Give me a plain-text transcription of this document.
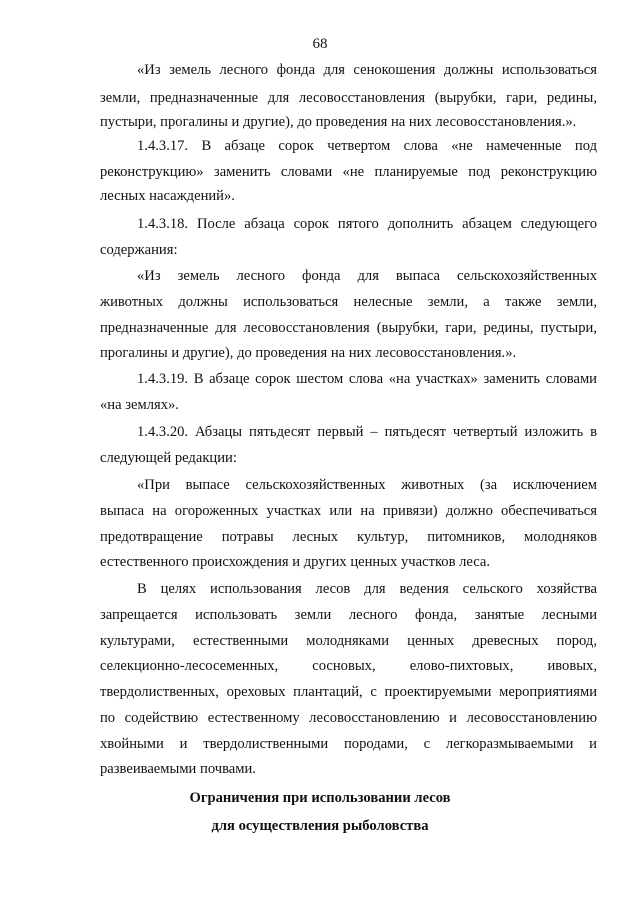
68
«Из земель лесного фонда для сенокошения должны использоваться
земли, предназначенные для лесовосстановления (вырубки, гари, редины,
пустыри, прогалины и другие), до проведения на них лесовосстановления.».
1.4.3.17. В абзаце сорок четвертом слова «не намеченные под
реконструкцию» заменить словами «не планируемые под реконструкцию
лесных насаждений».
1.4.3.18. После абзаца сорок пятого дополнить абзацем следующего
содержания:
«Из земель лесного фонда для выпаса сельскохозяйственных
животных должны использоваться нелесные земли, а также земли,
предназначенные для лесовосстановления (вырубки, гари, редины, пустыри,
прогалины и другие), до проведения на них лесовосстановления.».
1.4.3.19. В абзаце сорок шестом слова «на участках» заменить словами
«на землях».
1.4.3.20. Абзацы пятьдесят первый – пятьдесят четвертый изложить в
следующей редакции:
«При выпасе сельскохозяйственных животных (за исключением
выпаса на огороженных участках или на привязи) должно обеспечиваться
предотвращение потравы лесных культур, питомников, молодняков
естественного происхождения и других ценных участков леса.
В целях использования лесов для ведения сельского хозяйства
запрещается использовать земли лесного фонда, занятые лесными
культурами, естественными молодняками ценных древесных пород,
селекционно-лесосеменных, сосновых, елово-пихтовых, ивовых,
твердолиственных, ореховых плантаций, с проектируемыми мероприятиями
по содействию естественному лесовосстановлению и лесовосстановлению
хвойными и твердолиственными породами, с легкоразмываемыми и
развеиваемыми почвами.
Ограничения при использовании лесов
для осуществления рыболовства
